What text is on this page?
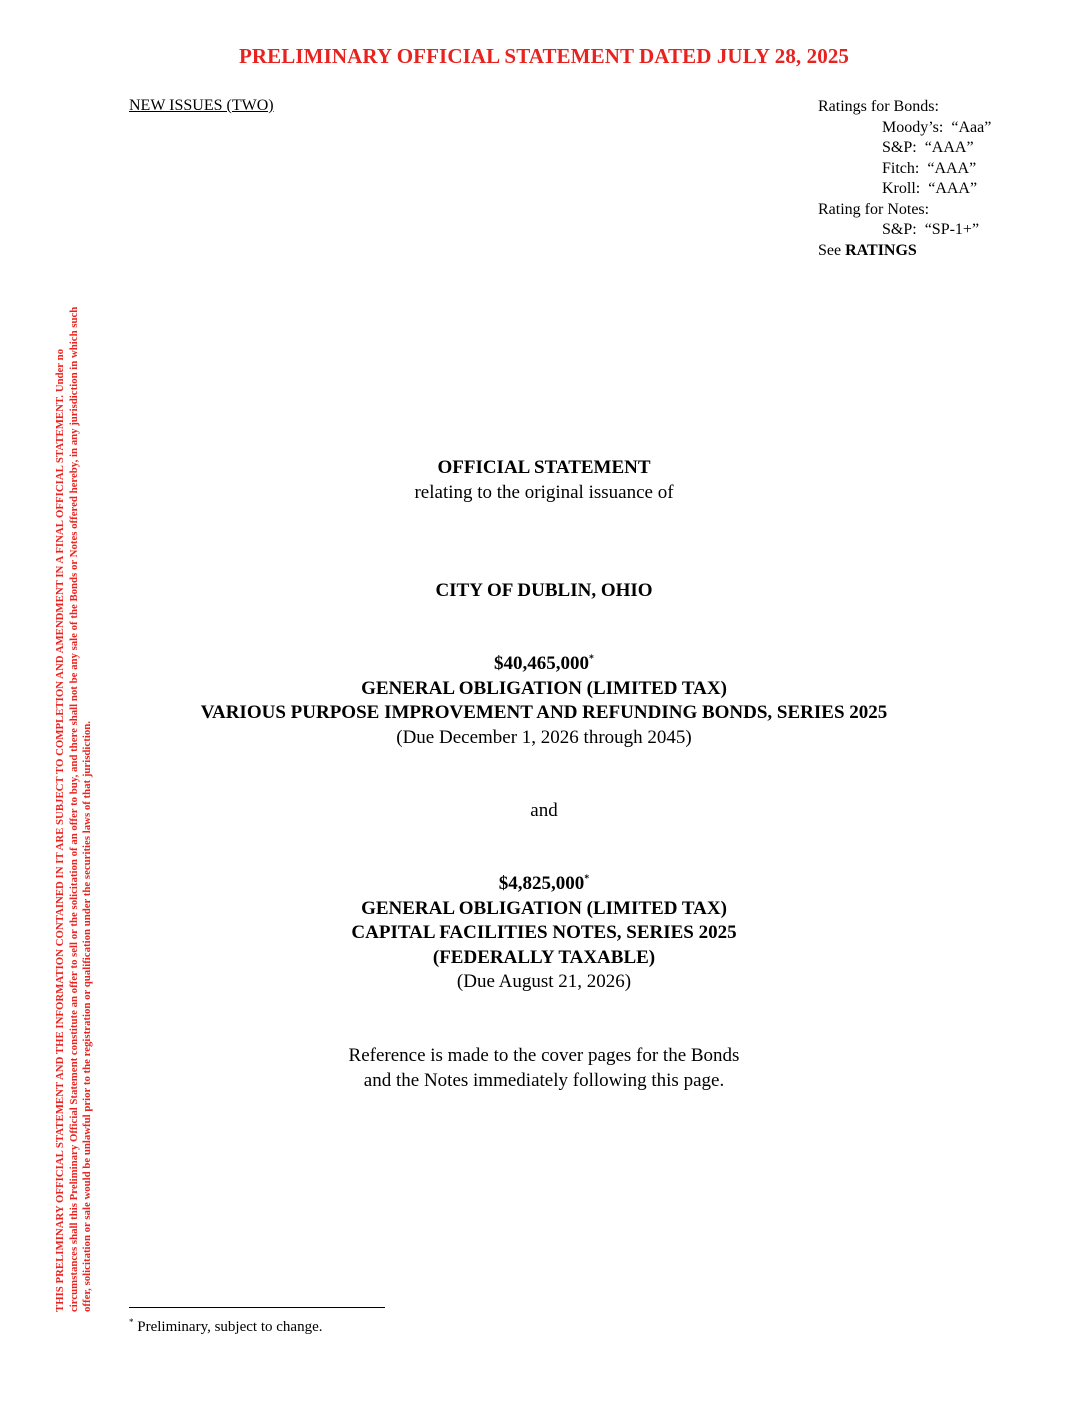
PRELIMINARY OFFICIAL STATEMENT DATED JULY 28, 2025
THIS PRELIMINARY OFFICIAL STATEMENT AND THE INFORMATION CONTAINED IN IT ARE SUBJECT TO COMPLETION AND AMENDMENT IN A FINAL OFFICIAL STATEMENT. Under no circumstances shall this Preliminary Official Statement constitute an offer to sell or the solicitation of an offer to buy, and there shall not be any sale of the Bonds or Notes offered hereby, in any jurisdiction in which such offer, solicitation or sale would be unlawful prior to the registration or qualification under the securities laws of that jurisdiction.
NEW ISSUES (TWO)	Ratings for Bonds:
Moody’s: “Aaa”
S&P: “AAA”
Fitch: “AAA”
Kroll: “AAA”
Rating for Notes:
S&P: “SP-1+”
See RATINGS
OFFICIAL STATEMENT
relating to the original issuance of
CITY OF DUBLIN, OHIO
$40,465,000*
GENERAL OBLIGATION (LIMITED TAX)
VARIOUS PURPOSE IMPROVEMENT AND REFUNDING BONDS, SERIES 2025
(Due December 1, 2026 through 2045)
and
$4,825,000*
GENERAL OBLIGATION (LIMITED TAX)
CAPITAL FACILITIES NOTES, SERIES 2025
(FEDERALLY TAXABLE)
(Due August 21, 2026)
Reference is made to the cover pages for the Bonds
and the Notes immediately following this page.
* Preliminary, subject to change.
